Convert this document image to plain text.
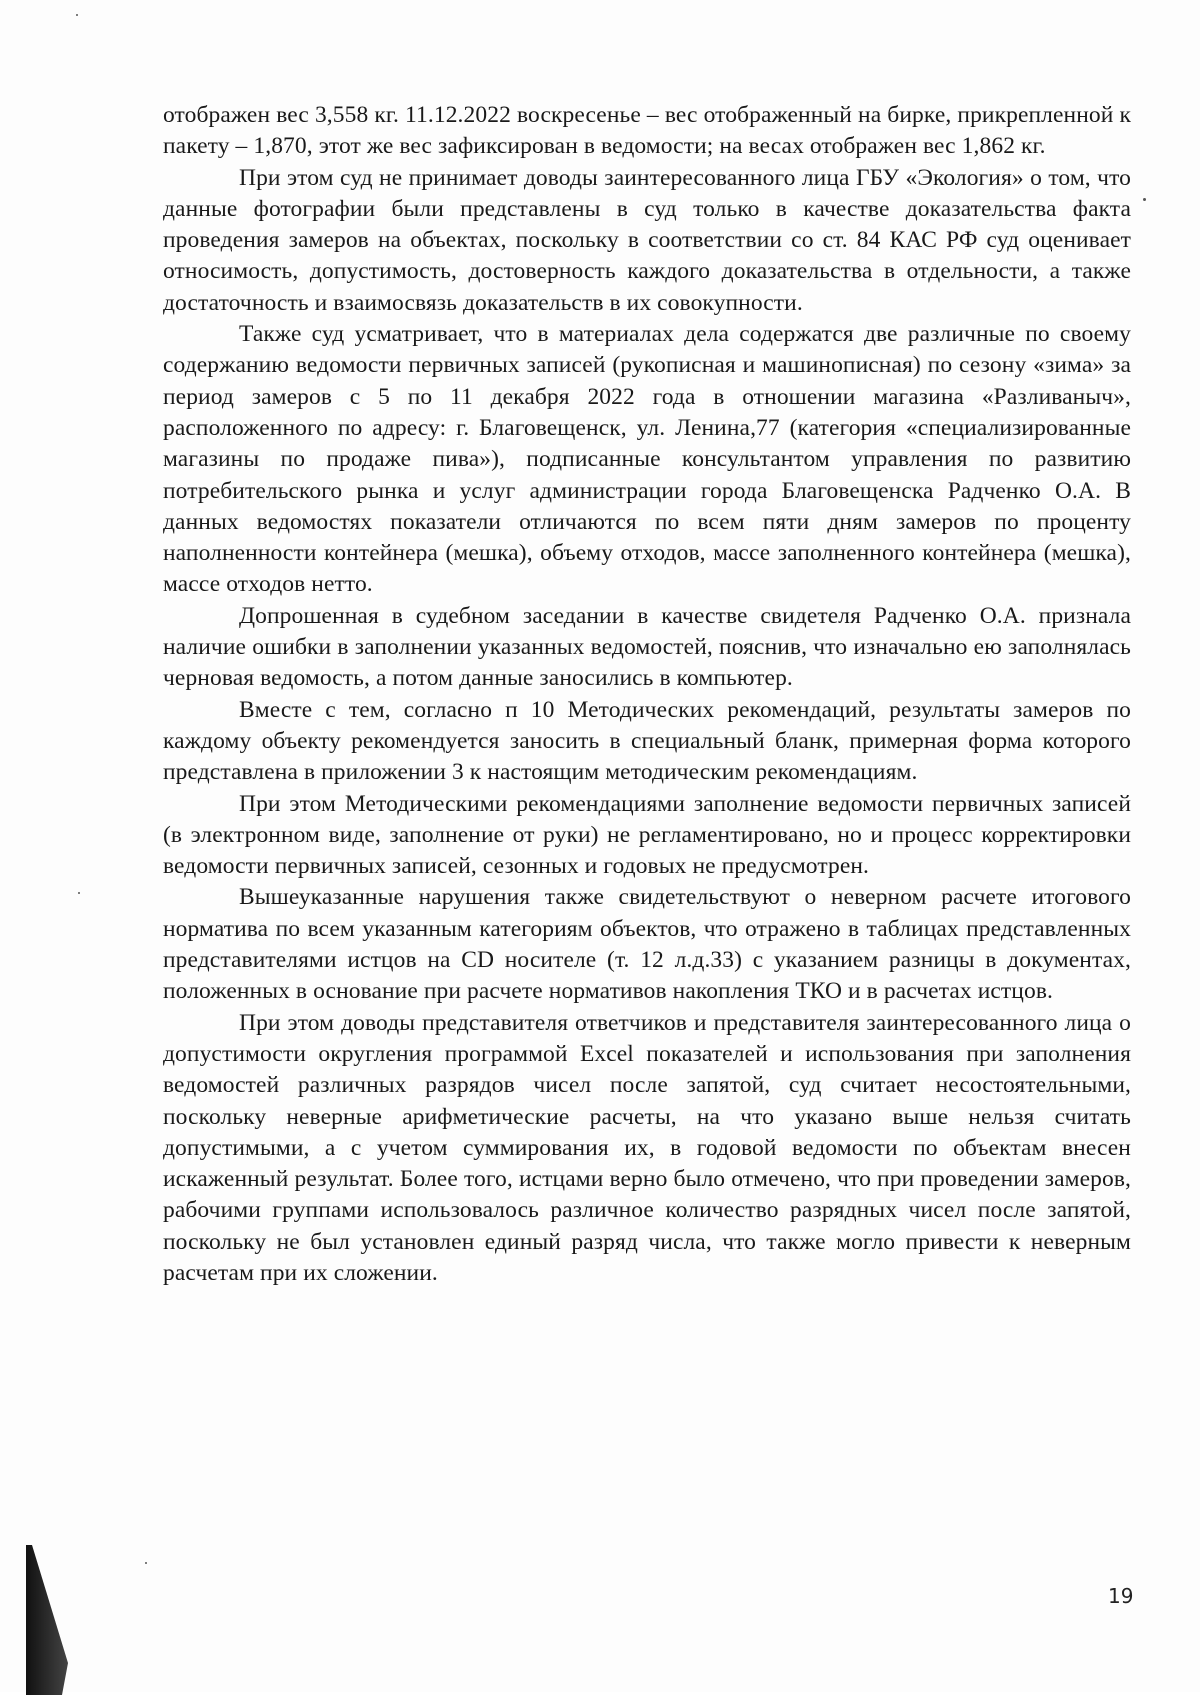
отображен вес 3,558 кг. 11.12.2022 воскресенье – вес отображенный на бирке, прикрепленной к пакету – 1,870, этот же вес зафиксирован в ведомости; на весах отображен вес 1,862 кг.

При этом суд не принимает доводы заинтересованного лица ГБУ «Экология» о том, что данные фотографии были представлены в суд только в качестве доказательства факта проведения замеров на объектах, поскольку в соответствии со ст. 84 КАС РФ суд оценивает относимость, допустимость, достоверность каждого доказательства в отдельности, а также достаточность и взаимосвязь доказательств в их совокупности.

Также суд усматривает, что в материалах дела содержатся две различные по своему содержанию ведомости первичных записей (рукописная и машинописная) по сезону «зима» за период замеров с 5 по 11 декабря 2022 года в отношении магазина «Разливаныч», расположенного по адресу: г. Благовещенск, ул. Ленина,77 (категория «специализированные магазины по продаже пива»), подписанные консультантом управления по развитию потребительского рынка и услуг администрации города Благовещенска Радченко О.А. В данных ведомостях показатели отличаются по всем пяти дням замеров по проценту наполненности контейнера (мешка), объему отходов, массе заполненного контейнера (мешка), массе отходов нетто.

Допрошенная в судебном заседании в качестве свидетеля Радченко О.А. признала наличие ошибки в заполнении указанных ведомостей, пояснив, что изначально ею заполнялась черновая ведомость, а потом данные заносились в компьютер.

Вместе с тем, согласно п 10 Методических рекомендаций, результаты замеров по каждому объекту рекомендуется заносить в специальный бланк, примерная форма которого представлена в приложении 3 к настоящим методическим рекомендациям.

При этом Методическими рекомендациями заполнение ведомости первичных записей (в электронном виде, заполнение от руки) не регламентировано, но и процесс корректировки ведомости первичных записей, сезонных и годовых не предусмотрен.

Вышеуказанные нарушения также свидетельствуют о неверном расчете итогового норматива по всем указанным категориям объектов, что отражено в таблицах представленных представителями истцов на CD носителе (т. 12 л.д.33) с указанием разницы в документах, положенных в основание при расчете нормативов накопления ТКО и в расчетах истцов.

При этом доводы представителя ответчиков и представителя заинтересованного лица о допустимости округления программой Excel показателей и использования при заполнения ведомостей различных разрядов чисел после запятой, суд считает несостоятельными, поскольку неверные арифметические расчеты, на что указано выше нельзя считать допустимыми, а с учетом суммирования их, в годовой ведомости по объектам внесен искаженный результат. Более того, истцами верно было отмечено, что при проведении замеров, рабочими группами использовалось различное количество разрядных чисел после запятой, поскольку не был установлен единый разряд числа, что также могло привести к неверным расчетам при их сложении.

19
